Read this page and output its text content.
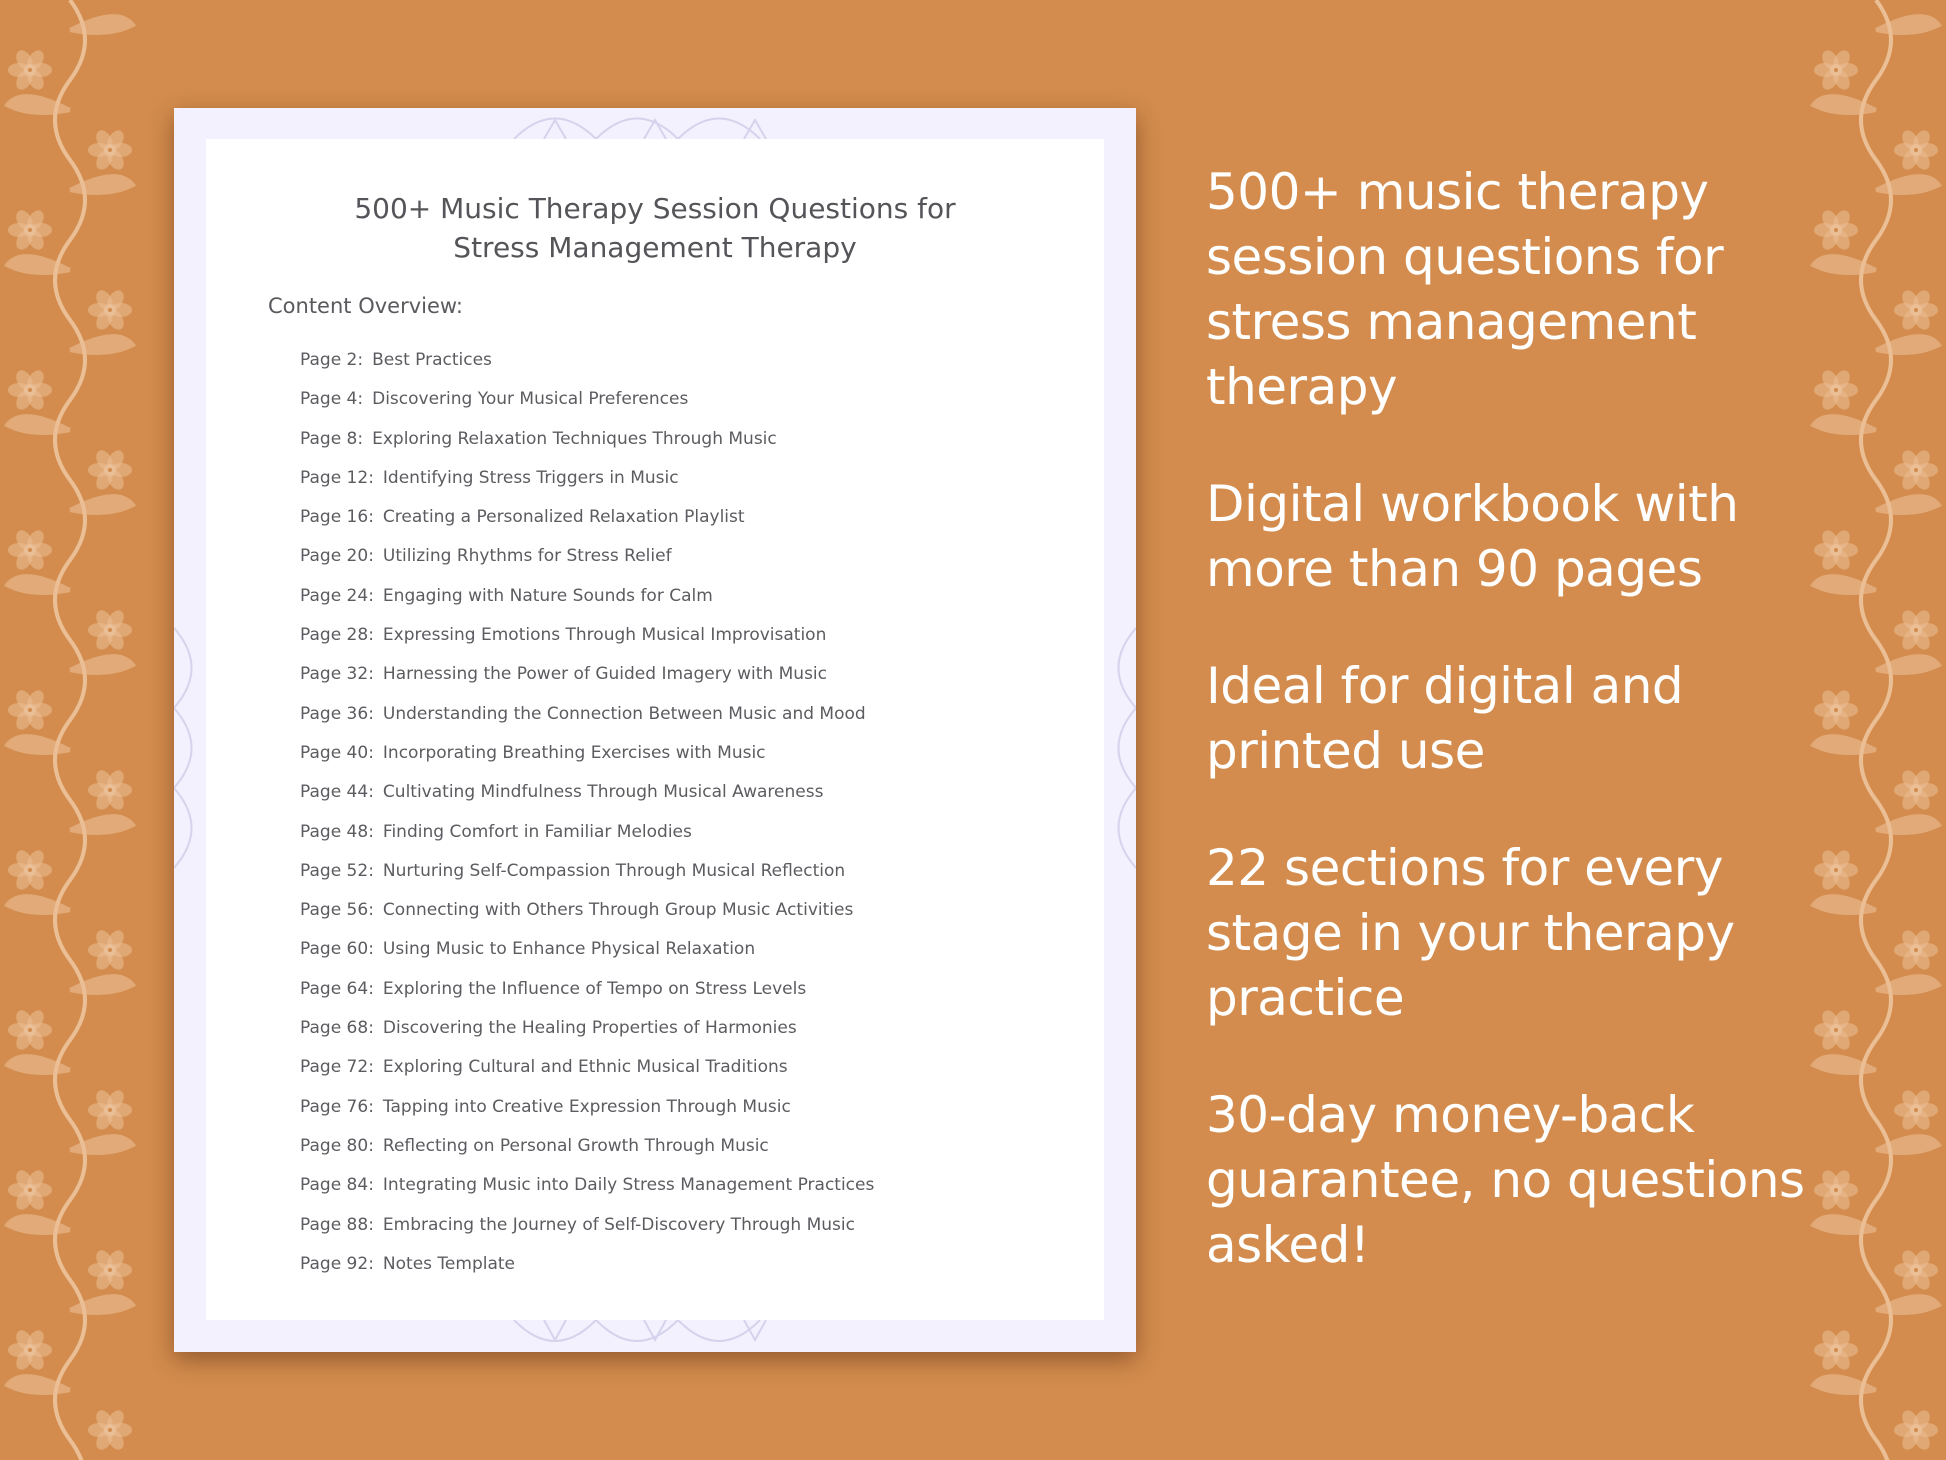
500+ Music Therapy Session Questions for
Stress Management Therapy

Content Overview:

Page 2: Best Practices
Page 4: Discovering Your Musical Preferences
Page 8: Exploring Relaxation Techniques Through Music
Page 12: Identifying Stress Triggers in Music
Page 16: Creating a Personalized Relaxation Playlist
Page 20: Utilizing Rhythms for Stress Relief
Page 24: Engaging with Nature Sounds for Calm
Page 28: Expressing Emotions Through Musical Improvisation
Page 32: Harnessing the Power of Guided Imagery with Music
Page 36: Understanding the Connection Between Music and Mood
Page 40: Incorporating Breathing Exercises with Music
Page 44: Cultivating Mindfulness Through Musical Awareness
Page 48: Finding Comfort in Familiar Melodies
Page 52: Nurturing Self-Compassion Through Musical Reflection
Page 56: Connecting with Others Through Group Music Activities
Page 60: Using Music to Enhance Physical Relaxation
Page 64: Exploring the Influence of Tempo on Stress Levels
Page 68: Discovering the Healing Properties of Harmonies
Page 72: Exploring Cultural and Ethnic Musical Traditions
Page 76: Tapping into Creative Expression Through Music
Page 80: Reflecting on Personal Growth Through Music
Page 84: Integrating Music into Daily Stress Management Practices
Page 88: Embracing the Journey of Self-Discovery Through Music
Page 92: Notes Template
500+ music therapy session questions for stress management therapy
Digital workbook with more than 90 pages
Ideal for digital and printed use
22 sections for every stage in your therapy practice
30-day money-back guarantee, no questions asked!
